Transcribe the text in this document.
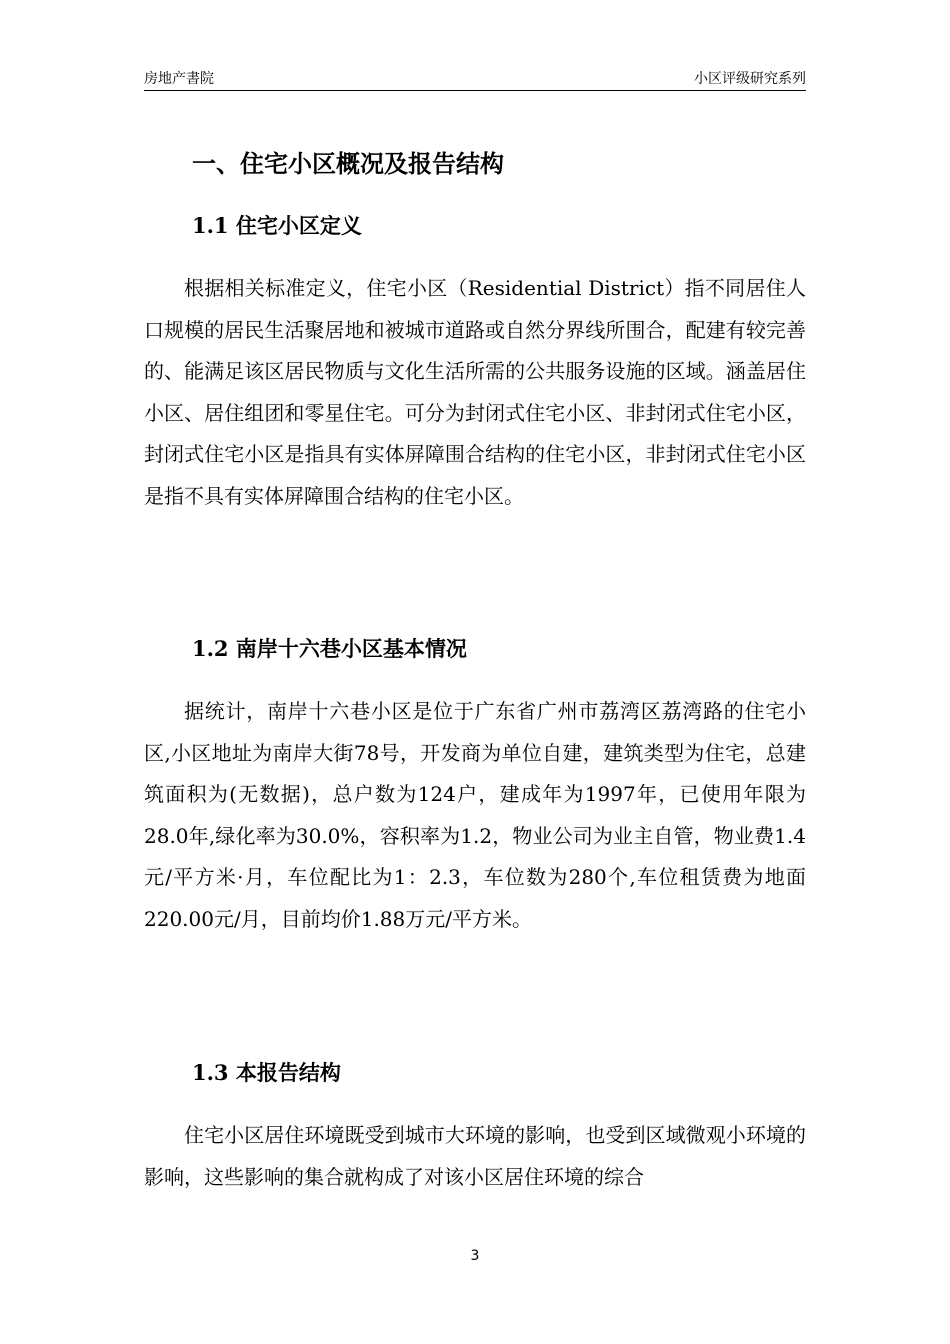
房地产書院	小区评级研究系列
一、住宅小区概况及报告结构
1.1 住宅小区定义

根据相关标准定义，住宅小区（Residential District）指不同居住人口规模的居民生活聚居地和被城市道路或自然分界线所围合，配建有较完善的、能满足该区居民物质与文化生活所需的公共服务设施的区域。涵盖居住小区、居住组团和零星住宅。可分为封闭式住宅小区、非封闭式住宅小区，封闭式住宅小区是指具有实体屏障围合结构的住宅小区，非封闭式住宅小区是指不具有实体屏障围合结构的住宅小区。

1.2 南岸十六巷小区基本情况

据统计，南岸十六巷小区是位于广东省广州市荔湾区荔湾路的住宅小区,小区地址为南岸大街78号，开发商为单位自建，建筑类型为住宅，总建筑面积为(无数据)，总户数为124户，建成年为1997年，已使用年限为28.0年,绿化率为30.0%，容积率为1.2，物业公司为业主自管，物业费1.4元/平方米·月，车位配比为1：2.3，车位数为280个,车位租赁费为地面220.00元/月，目前均价1.88万元/平方米。

1.3 本报告结构

住宅小区居住环境既受到城市大环境的影响，也受到区域微观小环境的影响，这些影响的集合就构成了对该小区居住环境的综合

3
